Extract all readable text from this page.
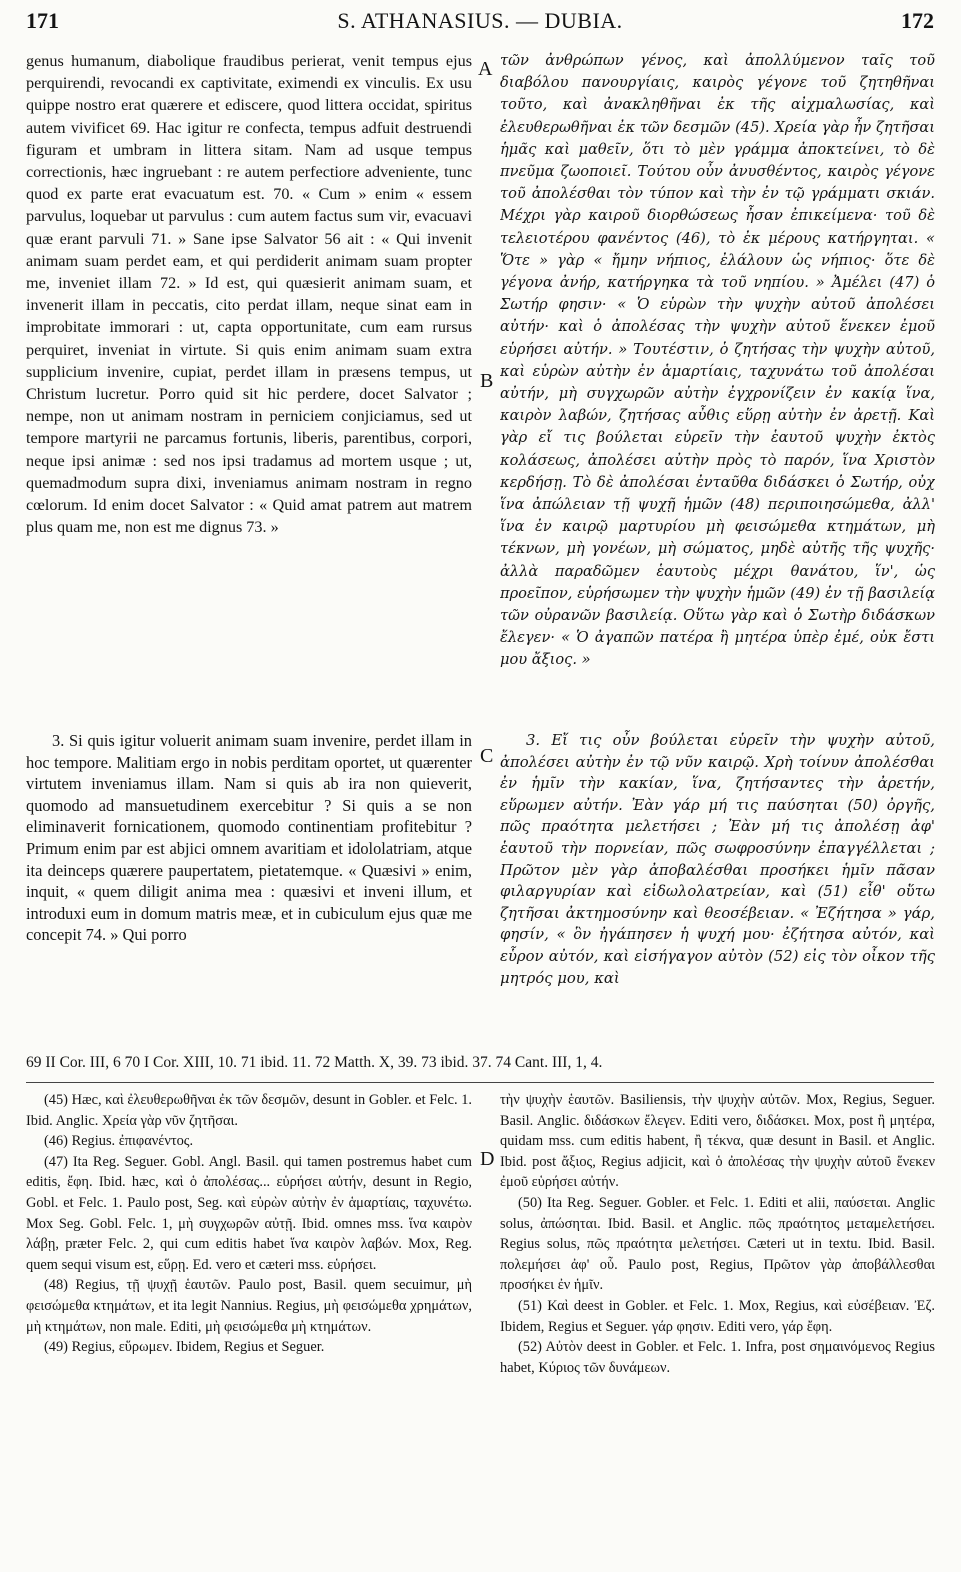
171	S. ATHANASIUS. — DUBIA.	172

genus humanum, diabolique fraudibus perierat, venit tempus ejus perquirendi, revocandi ex captivitate, eximendi ex vinculis. Ex usu quippe nostro erat quærere et ediscere, quod littera occidat, spiritus autem vivificet 69. Hac igitur re confecta, tempus adfuit destruendi figuram et umbram in littera sitam. Nam ad usque tempus correctionis, hæc ingruebant : re autem perfectiore adveniente, tunc quod ex parte erat evacuatum est. 70. « Cum » enim « essem parvulus, loquebar ut parvulus : cum autem factus sum vir, evacuavi quæ erant parvuli 71. » Sane ipse Salvator 56 ait : « Qui invenit animam suam perdet eam, et qui perdiderit animam suam propter me, inveniet illam 72. » Id est, qui quæsierit animam suam, et invenerit illam in peccatis, cito perdat illam, neque sinat eam in improbitate immorari : ut, capta opportunitate, cum eam rursus perquiret, inveniat in virtute. Si quis enim animam suam extra supplicium invenire, cupiat, perdet illam in præsens tempus, ut Christum lucretur. Porro quid sit hic perdere, docet Salvator ; nempe, non ut animam nostram in perniciem conjiciamus, sed ut tempore martyrii ne parcamus fortunis, liberis, parentibus, corpori, neque ipsi animæ : sed nos ipsi tradamus ad mortem usque ; ut, quemadmodum supra dixi, inveniamus animam nostram in regno cœlorum. Id enim docet Salvator : « Quid amat patrem aut matrem plus quam me, non est me dignus 73. »

τῶν ἀνθρώπων γένος, καὶ ἀπολλύμενον ταῖς τοῦ διαβόλου πανουργίαις, καιρὸς γέγονε τοῦ ζητηθῆναι τοῦτο, καὶ ἀνακληθῆναι ἐκ τῆς αἰχμαλωσίας, καὶ ἐλευθερωθῆναι ἐκ τῶν δεσμῶν (45). Χρεία γὰρ ἦν ζητῆσαι ἡμᾶς καὶ μαθεῖν, ὅτι τὸ μὲν γράμμα ἀποκτείνει, τὸ δὲ πνεῦμα ζωοποιεῖ. Τούτου οὖν ἀνυσθέντος, καιρὸς γέγονε τοῦ ἀπολέσθαι τὸν τύπον καὶ τὴν ἐν τῷ γράμματι σκιάν. Μέχρι γὰρ καιροῦ διορθώσεως ἦσαν ἐπικείμενα· τοῦ δὲ τελειοτέρου φανέντος (46), τὸ ἐκ μέρους κατήργηται. « Ὅτε » γὰρ « ἤμην νήπιος, ἐλάλουν ὡς νήπιος· ὅτε δὲ γέγονα ἀνήρ, κατήργηκα τὰ τοῦ νηπίου. » Ἀμέλει (47) ὁ Σωτήρ φησιν· « Ὁ εὑρὼν τὴν ψυχὴν αὐτοῦ ἀπολέσει αὐτήν· καὶ ὁ ἀπολέσας τὴν ψυχὴν αὐτοῦ ἕνεκεν ἐμοῦ εὑρήσει αὐτήν. » Τουτέστιν, ὁ ζητήσας τὴν ψυχὴν αὐτοῦ, καὶ εὑρὼν αὐτὴν ἐν ἁμαρτίαις, ταχυνάτω τοῦ ἀπολέσαι αὐτήν, μὴ συγχωρῶν αὐτὴν ἐγχρονίζειν ἐν κακίᾳ ἵνα, καιρὸν λαβών, ζητήσας αὖθις εὕρῃ αὐτὴν ἐν ἀρετῇ. Καὶ γὰρ εἴ τις βούλεται εὑρεῖν τὴν ἑαυτοῦ ψυχὴν ἐκτὸς κολάσεως, ἀπολέσει αὐτὴν πρὸς τὸ παρόν, ἵνα Χριστὸν κερδήσῃ. Τὸ δὲ ἀπολέσαι ἐνταῦθα διδάσκει ὁ Σωτήρ, οὐχ ἵνα ἀπώλειαν τῇ ψυχῇ ἡμῶν (48) περιποιησώμεθα, ἀλλ' ἵνα ἐν καιρῷ μαρτυρίου μὴ φεισώμεθα κτημάτων, μὴ τέκνων, μὴ γονέων, μὴ σώματος, μηδὲ αὐτῆς τῆς ψυχῆς· ἀλλὰ παραδῶμεν ἑαυτοὺς μέχρι θανάτου, ἵν', ὡς προεῖπον, εὑρήσωμεν τὴν ψυχὴν ἡμῶν (49) ἐν τῇ βασιλείᾳ τῶν οὐρανῶν βασιλείᾳ. Οὕτω γὰρ καὶ ὁ Σωτὴρ διδάσκων ἔλεγεν· « Ὁ ἀγαπῶν πατέρα ἢ μητέρα ὑπὲρ ἐμέ, οὐκ ἔστι μου ἄξιος. »

3. Si quis igitur voluerit animam suam invenire, perdet illam in hoc tempore. Malitiam ergo in nobis perditam oportet, ut quærenter virtutem inveniamus illam. Nam si quis ab ira non quieverit, quomodo ad mansuetudinem exercebitur ? Si quis a se non eliminaverit fornicationem, quomodo continentiam profitebitur ? Primum enim par est abjici omnem avaritiam et idololatriam, atque ita deinceps quærere paupertatem, pietatemque. « Quæsivi » enim, inquit, « quem diligit anima mea : quæsivi et inveni illum, et introduxi eum in domum matris meæ, et in cubiculum ejus quæ me concepit 74. » Qui porro

3. Εἴ τις οὖν βούλεται εὑρεῖν τὴν ψυχὴν αὐτοῦ, ἀπολέσει αὐτὴν ἐν τῷ νῦν καιρῷ. Χρὴ τοίνυν ἀπολέσθαι ἐν ἡμῖν τὴν κακίαν, ἵνα, ζητήσαντες τὴν ἀρετήν, εὕρωμεν αὐτήν. Ἐὰν γάρ μή τις παύσηται (50) ὀργῆς, πῶς πραότητα μελετήσει ; Ἐὰν μή τις ἀπολέσῃ ἀφ' ἑαυτοῦ τὴν πορνείαν, πῶς σωφροσύνην ἐπαγγέλλεται ; Πρῶτον μὲν γὰρ ἀποβαλέσθαι προσήκει ἡμῖν πᾶσαν φιλαργυρίαν καὶ εἰδωλολατρείαν, καὶ (51) εἶθ' οὕτω ζητῆσαι ἀκτημοσύνην καὶ θεοσέβειαν. « Ἐζήτησα » γάρ, φησίν, « ὃν ἠγάπησεν ἡ ψυχή μου· ἐζήτησα αὐτόν, καὶ εὗρον αὐτόν, καὶ εἰσήγαγον αὐτὸν (52) εἰς τὸν οἶκον τῆς μητρός μου, καὶ

A
B
C
D
69 II Cor. III, 6 70 I Cor. XIII, 10. 71 ibid. 11. 72 Matth. X, 39. 73 ibid. 37. 74 Cant. III, 1, 4.

(45) Hæc, καὶ ἐλευθερωθῆναι ἐκ τῶν δεσμῶν, desunt in Gobler. et Felc. 1. Ibid. Anglic. Χρεία γὰρ νῦν ζητῆσαι.

(46) Regius. ἐπιφανέντος.

(47) Ita Reg. Seguer. Gobl. Angl. Basil. qui tamen postremus habet cum editis, ἔφη. Ibid. hæc, καὶ ὁ ἀπολέσας... εὑρήσει αὐτήν, desunt in Regio, Gobl. et Felc. 1. Paulo post, Seg. καὶ εὑρὼν αὐτὴν ἐν ἁμαρτίαις, ταχυνέτω. Mox Seg. Gobl. Felc. 1, μὴ συγχωρῶν αὐτῇ. Ibid. omnes mss. ἵνα καιρὸν λάβῃ, præter Felc. 2, qui cum editis habet ἵνα καιρὸν λαβών. Mox, Reg. quem sequi visum est, εὕρῃ. Ed. vero et cæteri mss. εὑρήσει.

(48) Regius, τῇ ψυχῇ ἑαυτῶν. Paulo post, Basil. quem secuimur, μὴ φεισώμεθα κτημάτων, et ita legit Nannius. Regius, μὴ φεισώμεθα χρημάτων, μὴ κτημάτων, non male. Editi, μὴ φεισώμεθα μὴ κτημάτων.

(49) Regius, εὕρωμεν. Ibidem, Regius et Seguer.

τὴν ψυχὴν ἑαυτῶν. Basiliensis, τὴν ψυχὴν αὐτῶν. Mox, Regius, Seguer. Basil. Anglic. διδάσκων ἔλεγεν. Editi vero, διδάσκει. Mox, post ἢ μητέρα, quidam mss. cum editis habent, ἢ τέκνα, quæ desunt in Basil. et Anglic. Ibid. post ἄξιος, Regius adjicit, καὶ ὁ ἀπολέσας τὴν ψυχὴν αὐτοῦ ἕνεκεν ἐμοῦ εὑρήσει αὐτήν.

(50) Ita Reg. Seguer. Gobler. et Felc. 1. Editi et alii, παύσεται. Anglic solus, ἀπώσηται. Ibid. Basil. et Anglic. πῶς πραότητος μεταμελετήσει. Regius solus, πῶς πραότητα μελετήσει. Cæteri ut in textu. Ibid. Basil. πολεμήσει ἀφ' οὗ. Paulo post, Regius, Πρῶτον γὰρ ἀποβάλλεσθαι προσήκει ἐν ἡμῖν.

(51) Καὶ deest in Gobler. et Felc. 1. Mox, Regius, καὶ εὐσέβειαν. Ἐζ. Ibidem, Regius et Seguer. γάρ φησιν. Editi vero, γάρ ἔφη.

(52) Αὐτὸν deest in Gobler. et Felc. 1. Infra, post σημαινόμενος Regius habet, Κύριος τῶν δυνάμεων.
